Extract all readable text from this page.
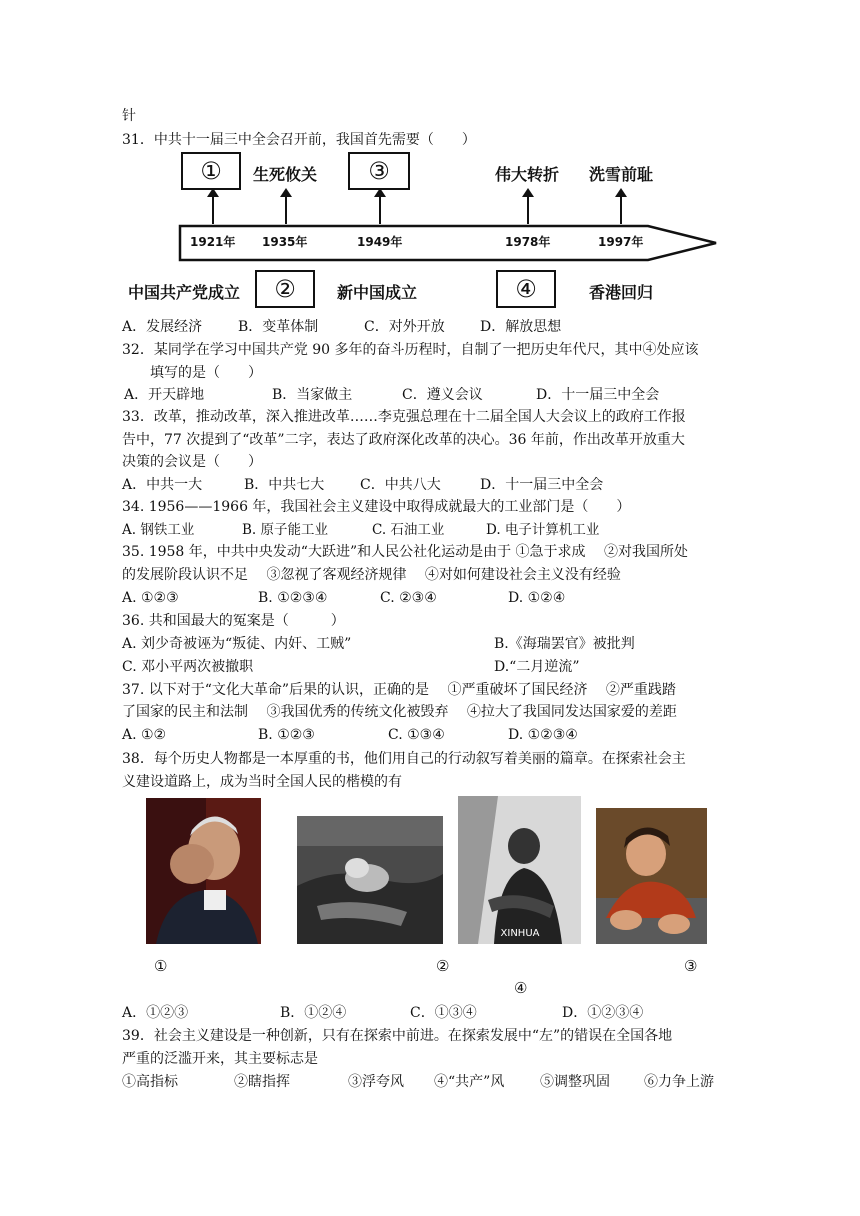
针
31．中共十一届三中全会召开前，我国首先需要（　　）
1921年 1935年	1949年	1978年	1997年
①	③
②	④
生死攸关	伟大转折 洗雪前耻
中国共产党成立	新中国成立	香港回归
A．发展经济	B．变革体制	C．对外开放	D．解放思想
32．某同学在学习中国共产党 90 多年的奋斗历程时，自制了一把历史年代尺，其中④处应该
填写的是（　　）
A．开天辟地	B．当家做主	C．遵义会议	D．十一届三中全会
33．改革，推动改革，深入推进改革……李克强总理在十二届全国人大会议上的政府工作报
告中，77 次提到了“改革”二字，表达了政府深化改革的决心。36 年前，作出改革开放重大
决策的会议是（　　）
A．中共一大	B．中共七大	C．中共八大	D．十一届三中全会
34. 1956——1966 年，我国社会主义建设中取得成就最大的工业部门是（　　）
A. 钢铁工业	B. 原子能工业	C. 石油工业	D. 电子计算机工业
35. 1958 年，中共中央发动“大跃进”和人民公社化运动是由于 ①急于求成 　②对我国所处
的发展阶段认识不足 　③忽视了客观经济规律 　④对如何建设社会主义没有经验
A. ①②③	B. ①②③④	C. ②③④	D. ①②④
36. 共和国最大的冤案是（　　　）
A. 刘少奇被诬为“叛徒、内奸、工贼”	B.《海瑞罢官》被批判
C. 邓小平两次被撤职	D.“二月逆流”
37. 以下对于“文化大革命”后果的认识，正确的是 　①严重破坏了国民经济 　②严重践踏
了国家的民主和法制 　③我国优秀的传统文化被毁弃 　④拉大了我国同发达国家爱的差距
A. ①②	B. ①②③	C. ①③④	D. ①②③④
38．每个历史人物都是一本厚重的书，他们用自己的行动叙写着美丽的篇章。在探索社会主
义建设道路上，成为当时全国人民的楷模的有
XINHUA
①	②	③
④
A．①②③	B．①②④	C．①③④	D．①②③④
39．社会主义建设是一种创新，只有在探索中前进。在探索发展中“左”的错误在全国各地
严重的泛滥开来，其主要标志是
①高指标	②瞎指挥	③浮夸风 ④“共产”风	⑤调整巩固 ⑥力争上游
